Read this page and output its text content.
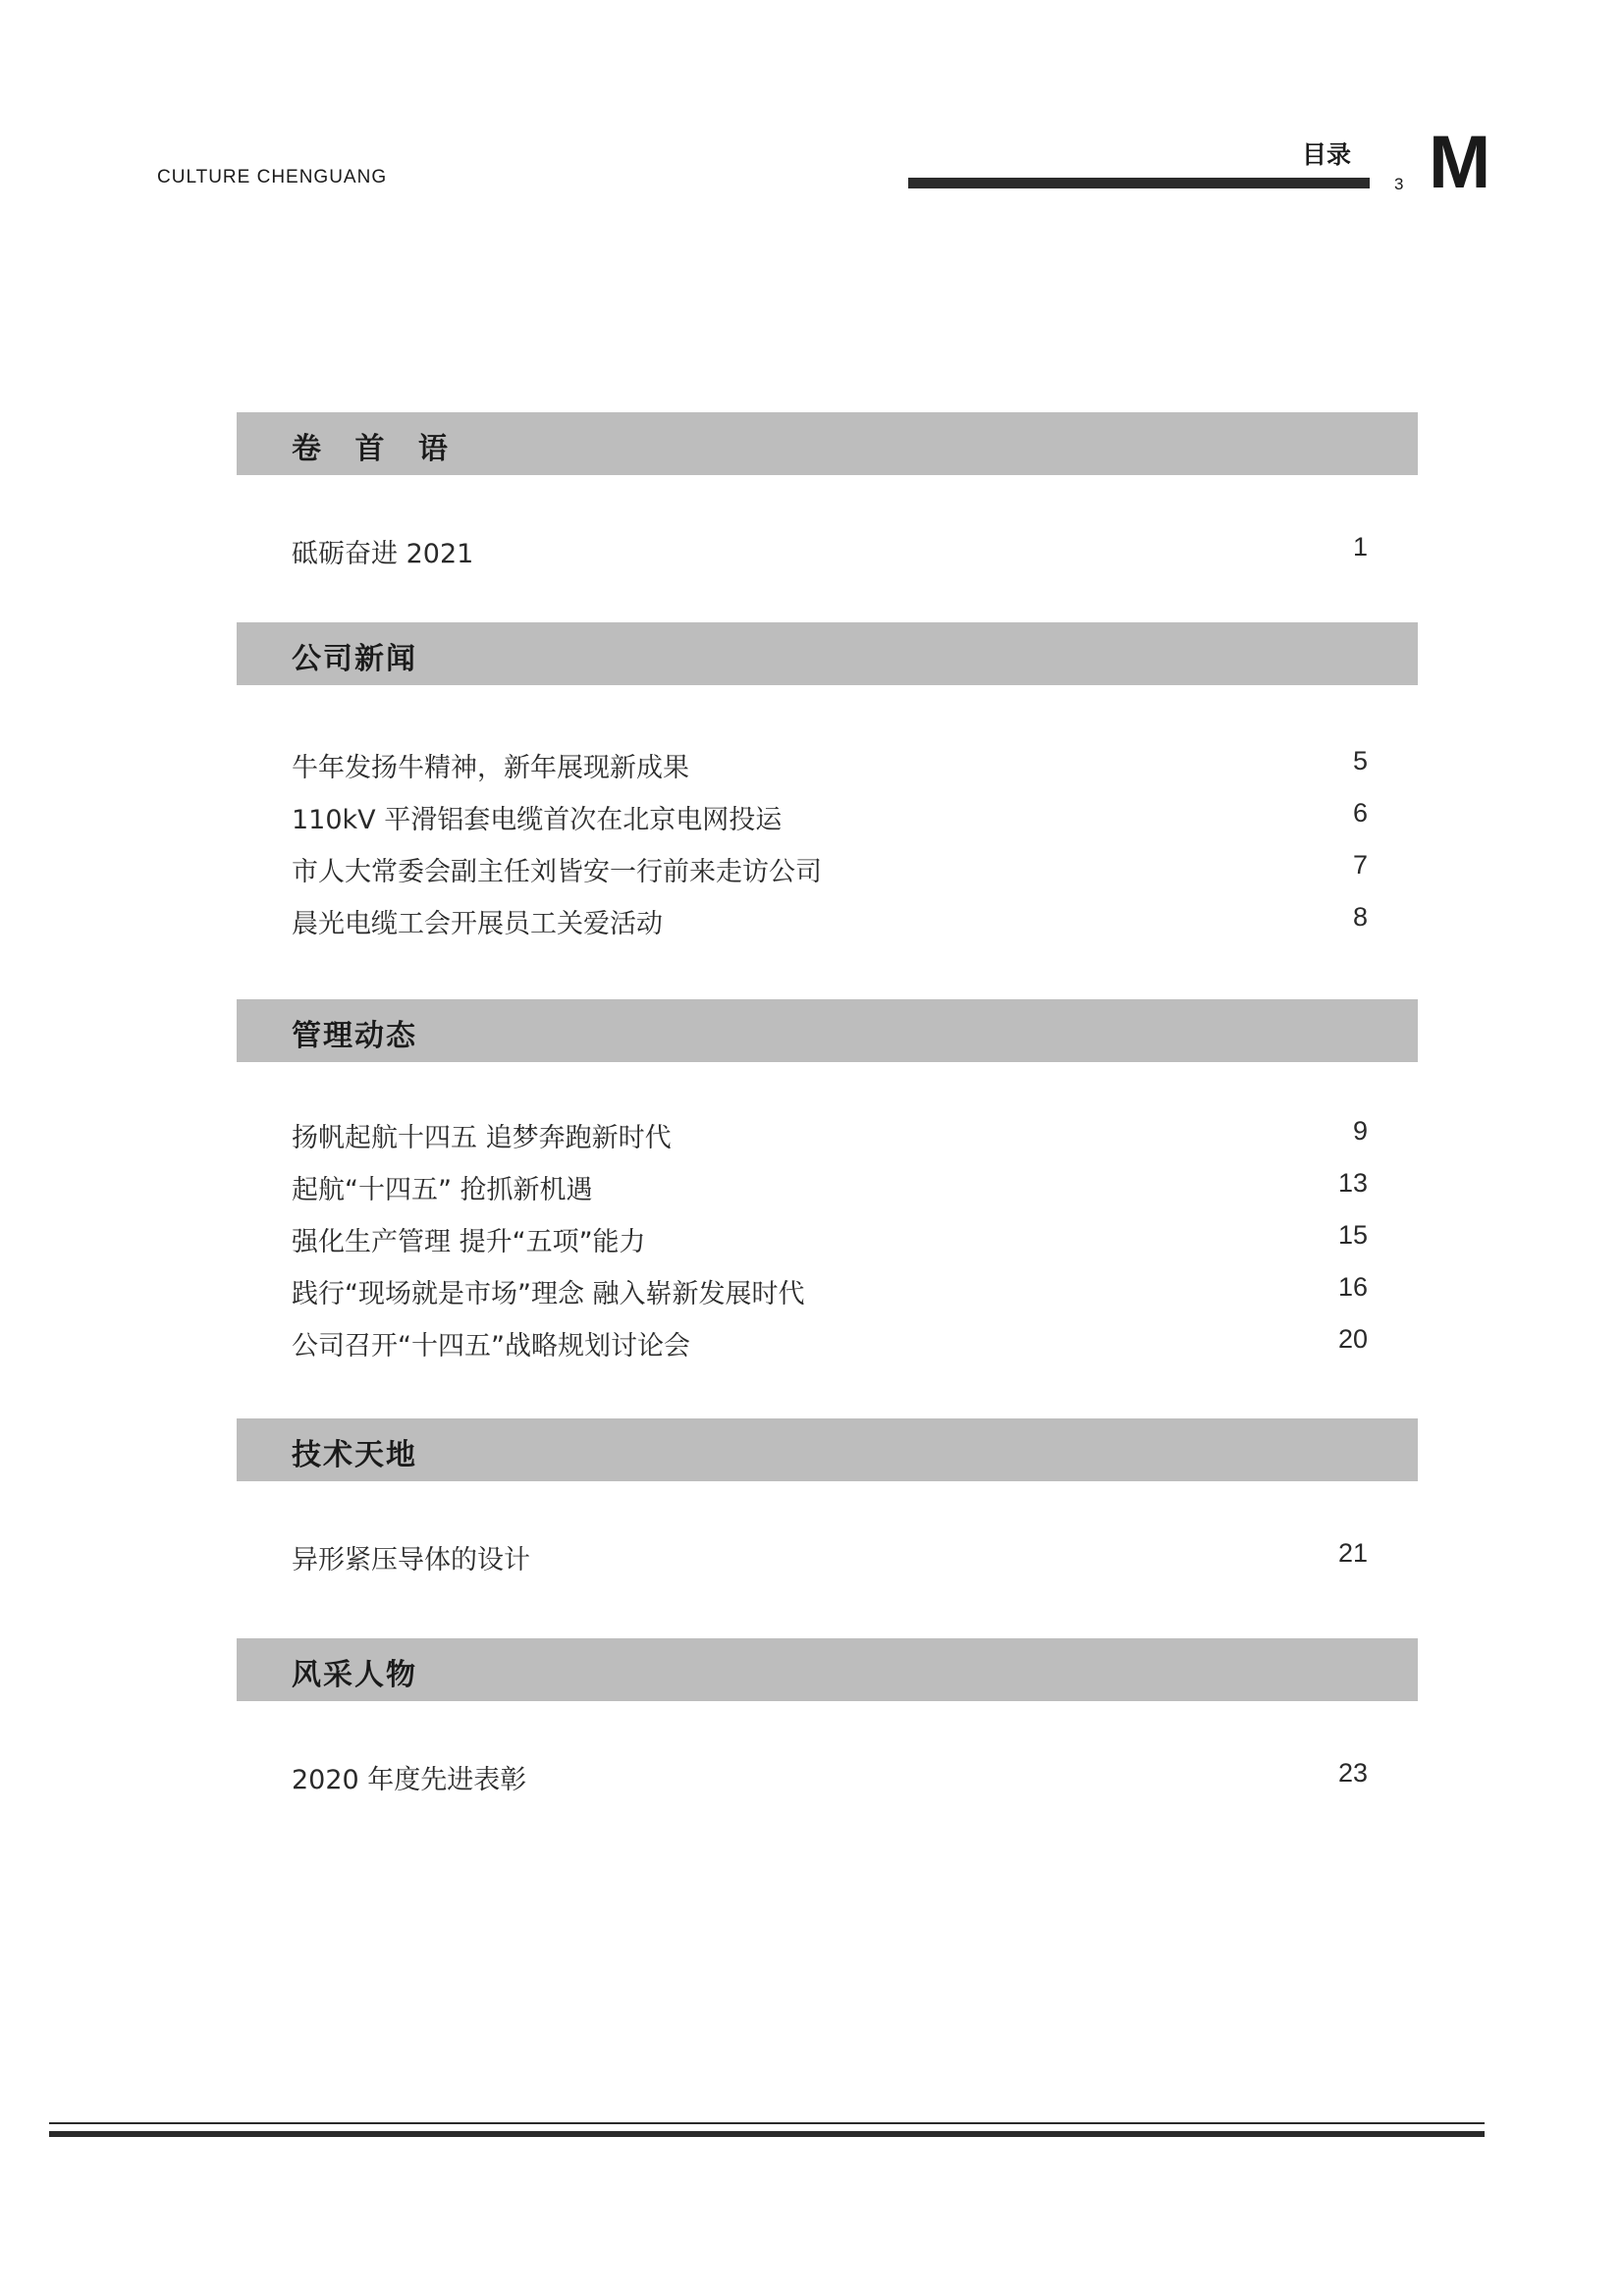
CULTURE CHENGUANG
目录
3 M
卷 首 语
砥砺奋进 2021	1
公司新闻
牛年发扬牛精神，新年展现新成果	5
110kV 平滑铝套电缆首次在北京电网投运	6
市人大常委会副主任刘皆安一行前来走访公司	7
晨光电缆工会开展员工关爱活动	8
管理动态
扬帆起航十四五 追梦奔跑新时代	9
起航“十四五” 抢抓新机遇	13
强化生产管理 提升“五项”能力	15
践行“现场就是市场”理念 融入崭新发展时代	16
公司召开“十四五”战略规划讨论会	20
技术天地
异形紧压导体的设计	21
风采人物
2020 年度先进表彰	23
